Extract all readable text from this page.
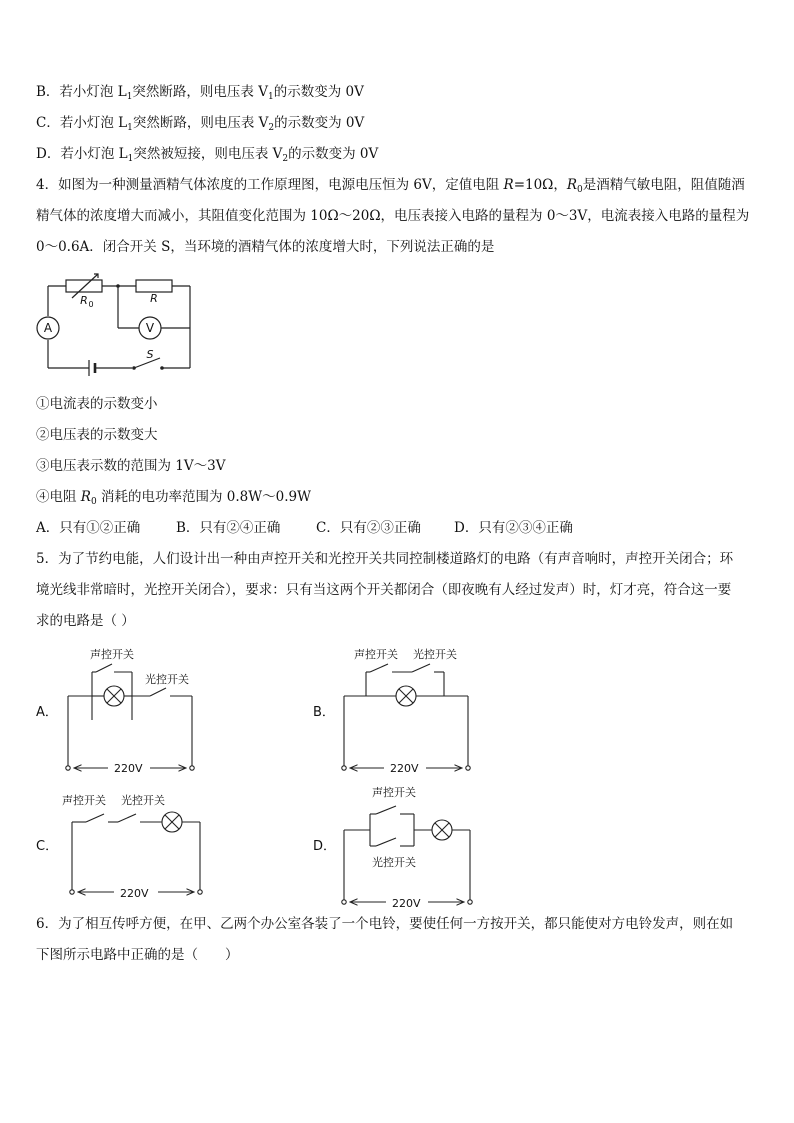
B．若小灯泡 $L_1$突然断路，则电压表 $V_1$的示数变为 0V
C．若小灯泡 $L_1$突然断路，则电压表 $V_2$的示数变为 0V
D．若小灯泡 $L_1$突然被短接，则电压表 $V_2$的示数变为 0V
4．如图为一种测量酒精气体浓度的工作原理图，电源电压恒为 6V，定值电阻 R=10Ω，$R_0$是酒精气敏电阻，阻值随酒
精气体的浓度增大而减小，其阻值变化范围为 10Ω～20Ω，电压表接入电路的量程为 0～3V，电流表接入电路的量程为
0～0.6A．闭合开关 S，当环境的酒精气体的浓度增大时，下列说法正确的是
A	V
R 0	R
S
①电流表的示数变小
②电压表的示数变大
③电压表示数的范围为 1V～3V
④电阻 $R_0$ 消耗的电功率范围为 0.8W～0.9W
A．只有①②正确	B．只有②④正确	C．只有②③正确 D．只有②③④正确
5．为了节约电能，人们设计出一种由声控开关和光控开关共同控制楼道路灯的电路（有声音响时，声控开关闭合；环
境光线非常暗时，光控开关闭合），要求：只有当这两个开关都闭合（即夜晚有人经过发声）时，灯才亮，符合这一要
求的电路是（ ）
A．	B．
C．	D．
声控开关
光控开关
220V
声控开关 光控开关
220V
声控开关 光控开关
220V
声控开关
光控开关
220V
6．为了相互传呼方便，在甲、乙两个办公室各装了一个电铃，要使任何一方按开关，都只能使对方电铃发声，则在如
下图所示电路中正确的是（　　）
